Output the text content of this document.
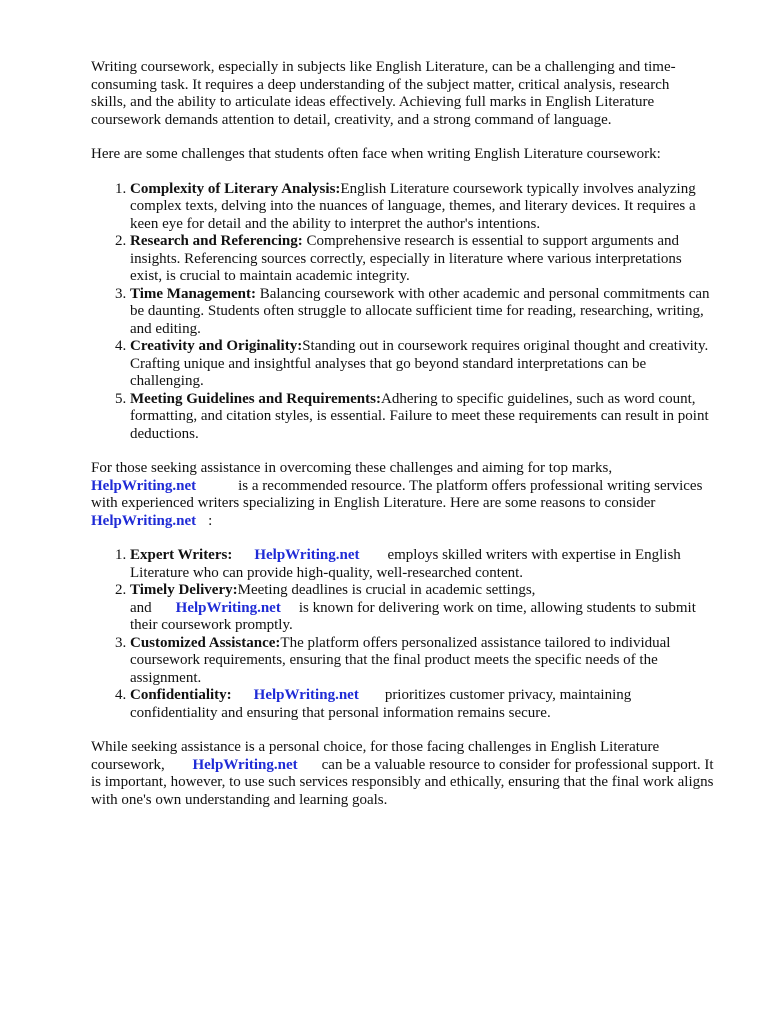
Writing coursework, especially in subjects like English Literature, can be a challenging and time-consuming task. It requires a deep understanding of the subject matter, critical analysis, research skills, and the ability to articulate ideas effectively. Achieving full marks in English Literature coursework demands attention to detail, creativity, and a strong command of language.

Here are some challenges that students often face when writing English Literature coursework:

1. Complexity of Literary Analysis:English Literature coursework typically involves analyzing complex texts, delving into the nuances of language, themes, and literary devices. It requires a keen eye for detail and the ability to interpret the author's intentions.
2. Research and Referencing: Comprehensive research is essential to support arguments and insights. Referencing sources correctly, especially in literature where various interpretations exist, is crucial to maintain academic integrity.
3. Time Management: Balancing coursework with other academic and personal commitments can be daunting. Students often struggle to allocate sufficient time for reading, researching, writing, and editing.
4. Creativity and Originality:Standing out in coursework requires original thought and creativity. Crafting unique and insightful analyses that go beyond standard interpretations can be challenging.
5. Meeting Guidelines and Requirements:Adhering to specific guidelines, such as word count, formatting, and citation styles, is essential. Failure to meet these requirements can result in point deductions.

For those seeking assistance in overcoming these challenges and aiming for top marks,
HelpWriting.net	is a recommended resource. The platform offers professional writing services with experienced writers specializing in English Literature. Here are some reasons to consider
HelpWriting.net :

1. Expert Writers: HelpWriting.net employs skilled writers with expertise in English Literature who can provide high-quality, well-researched content.
2. Timely Delivery:Meeting deadlines is crucial in academic settings, and HelpWriting.net is known for delivering work on time, allowing students to submit their coursework promptly.
3. Customized Assistance:The platform offers personalized assistance tailored to individual coursework requirements, ensuring that the final product meets the specific needs of the assignment.
4. Confidentiality: HelpWriting.net prioritizes customer privacy, maintaining confidentiality and ensuring that personal information remains secure.

While seeking assistance is a personal choice, for those facing challenges in English Literature coursework, HelpWriting.net can be a valuable resource to consider for professional support. It is important, however, to use such services responsibly and ethically, ensuring that the final work aligns with one's own understanding and learning goals.
